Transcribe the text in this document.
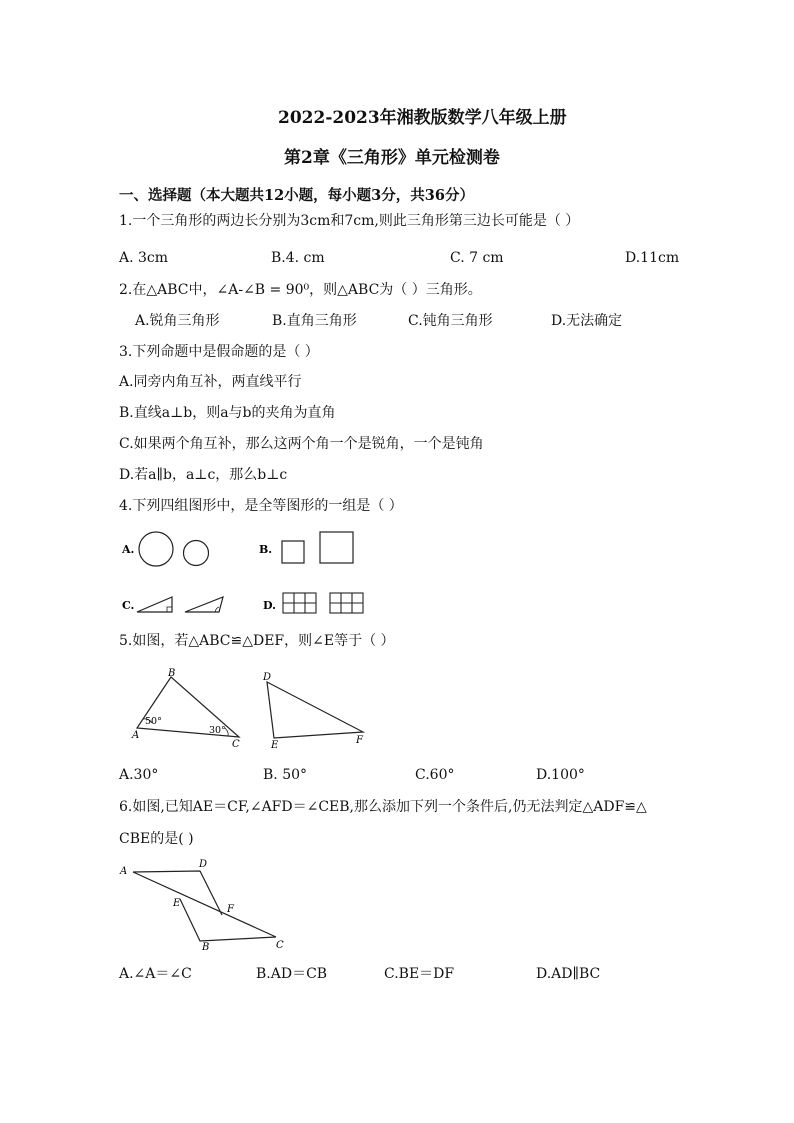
2022-2023年湘教版数学八年级上册
第2章《三角形》单元检测卷
一、选择题（本大题共12小题，每小题3分，共36分）
1.一个三角形的两边长分别为3cm和7cm,则此三角形第三边长可能是（ ）
A. 3cm	B.4. cm	C. 7 cm	D.11cm
2.在△ABC中，∠A-∠B = 90⁰，则△ABC为（ ）三角形。
A.锐角三角形	B.直角三角形	C.钝角三角形	D.无法确定
3.下列命题中是假命题的是（ ）
A.同旁内角互补，两直线平行
B.直线a⊥b，则a与b的夹角为直角
C.如果两个角互补，那么这两个角一个是锐角，一个是钝角
D.若a∥b，a⊥c，那么b⊥c
4.下列四组图形中，是全等图形的一组是（ ）
A.	B.
C.	D.
5.如图，若△ABC≌△DEF，则∠E等于（ ）
B
A
C
50°
30°
D
E	F
A.30°	B. 50°	C.60°	D.100°
6.如图,已知AE＝CF,∠AFD＝∠CEB,那么添加下列一个条件后,仍无法判定△ADF≌△
CBE的是( )
A
D
E
F
B	C
A.∠A＝∠C	B.AD＝CB	C.BE＝DF	D.AD∥BC
